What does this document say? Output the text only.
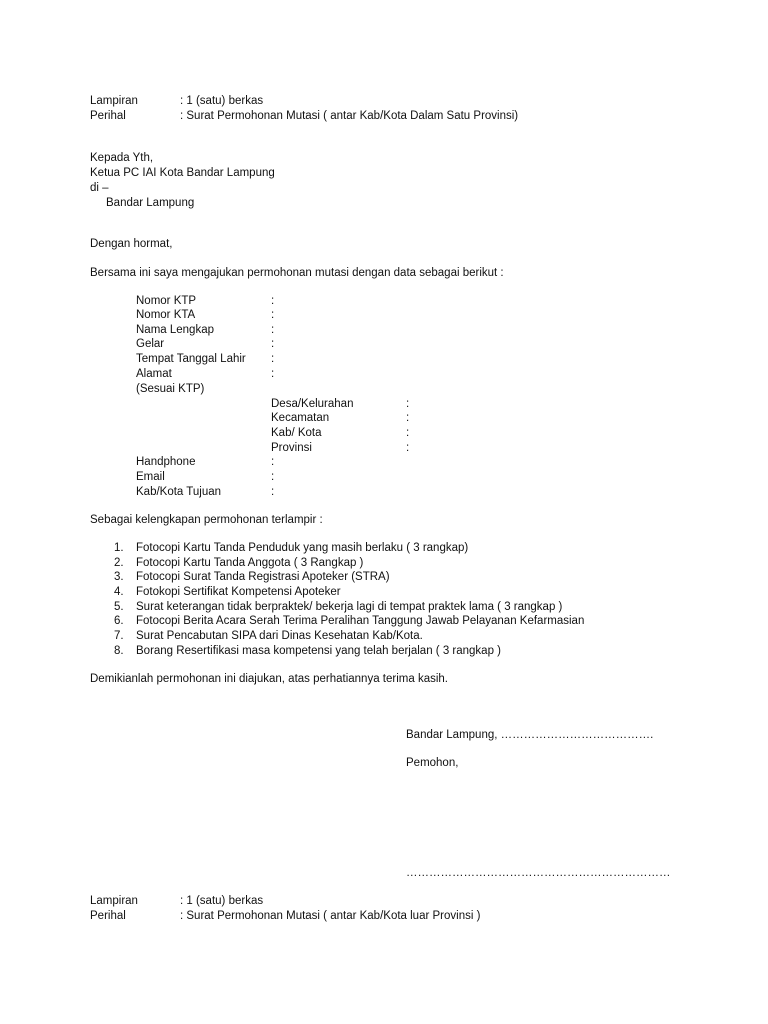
Lampiran	: 1 (satu) berkas
Perihal	: Surat Permohonan Mutasi ( antar Kab/Kota Dalam Satu Provinsi)
Kepada Yth,
Ketua PC IAI Kota Bandar Lampung
di –
Bandar Lampung
Dengan hormat,
Bersama ini saya mengajukan permohonan mutasi dengan data sebagai berikut :
Nomor KTP	:
Nomor KTA	:
Nama Lengkap	:
Gelar	:
Tempat Tanggal Lahir :
Alamat	:
(Sesuai KTP)
Desa/Kelurahan	:
Kecamatan	:
Kab/ Kota	:
Provinsi	:
Handphone	:
Email	:
Kab/Kota Tujuan	:
Sebagai kelengkapan permohonan terlampir :
1. Fotocopi Kartu Tanda Penduduk yang masih berlaku ( 3 rangkap)
2. Fotocopi Kartu Tanda Anggota ( 3 Rangkap )
3. Fotocopi Surat Tanda Registrasi Apoteker (STRA)
4. Fotokopi Sertifikat Kompetensi Apoteker
5. Surat keterangan tidak berpraktek/ bekerja lagi di tempat praktek lama ( 3 rangkap )
6. Fotocopi Berita Acara Serah Terima Peralihan Tanggung Jawab Pelayanan Kefarmasian
7. Surat Pencabutan SIPA dari Dinas Kesehatan Kab/Kota.
8. Borang Resertifikasi masa kompetensi yang telah berjalan ( 3 rangkap )
Demikianlah permohonan ini diajukan, atas perhatiannya terima kasih.
Bandar Lampung, ………………………………….
Pemohon,
……………………………………………………………
Lampiran	: 1 (satu) berkas
Perihal	: Surat Permohonan Mutasi ( antar Kab/Kota luar Provinsi )
